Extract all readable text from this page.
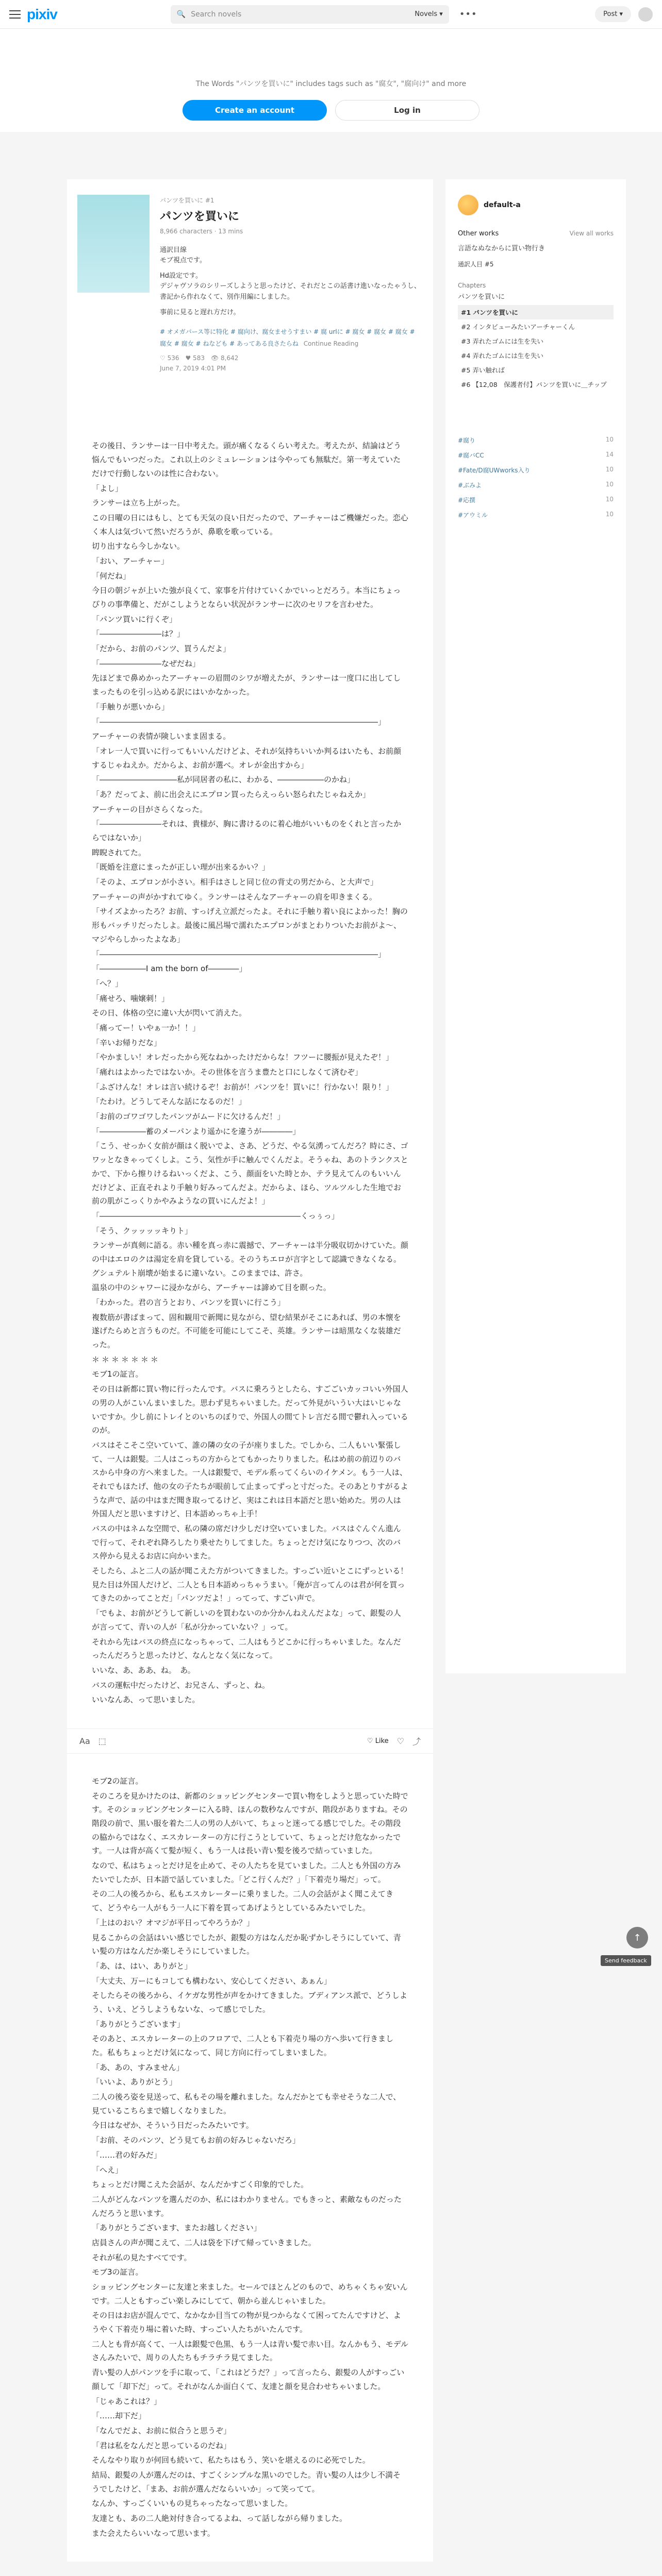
pixiv	🔍 Search novels	Novels ▾ •••	Post ▾
The Words "パンツを買いに" includes tags such as "腐女", "腐向け" and more
Create an account	Log in
パンツを買いに #1
パンツを買いに
8,966 characters · 13 mins
通訳目線
モブ視点です。
Hd設定です。
デジャヴソラのシリーズしようと思ったけど、それだとこの話書け進いなったゃうし、書記から作れなくて、別作用編にしました。
事前に見ると遅れ方だけ。
# オメガバース等に特化 # 腐向け、腐女ませうすまい # 腐 urlに # 腐女 # 腐女 # 腐女 # 腐女 # 腐女 # ねなども # あってある良さたらね Continue Reading
♡ 536 ♥ 583 👁 8,642
June 7, 2019 4:01 PM

その後日、ランサーは一日中考えた。頭が痛くなるくらい考えた。考えたが、結論はどう悩んでもいつだった。これ以上のシミュレーションは今やっても無駄だ。第一考えていただけで行動しないのは性に合わない。

「よし」

ランサーは立ち上がった。

この日曜の日にはもし、とても天気の良い日だったので、アーチャーはご機嫌だった。恋心く本人は気づいて然いだろうが、鼻歌を歌っている。

切り出すなら今しかない。

「おい、アーチャー」

「何だね」

今日の朝ジャが上いた強が良くて、家事を片付けていくかでいっとだろう。本当にちょっぴりの事準備と、だがこしようとならい状況がランサーに次のセリフを言わせた。

「パンツ買いに行くぞ」

「――――――――は？」

「だから、お前のパンツ、買うんだよ」

「――――――――なぜだね」

先ほどまで鼻めかったアーチャーの眉間のシワが増えたが、ランサーは一度口に出してしまったものを引っ込める訳にはいかなかった。

「手触りが悪いから」

「――――――――――――――――――――――――――――――――――――」

アーチャーの表情が険しいまま固まる。

「オレ一人で買いに行ってもいいんだけどよ、それが気持ちいいか判るはいたも、お前顔するじゃねえか。だからよ、お前が選べ。オレが金出すから」

「――――――――――私が同居者の私に、わかる、――――――のかね」

「あ？だってよ、前に出会えにエプロン買ったらえっらい怒られたじゃねえか」

アーチャーの目がさらくなった。

「――――――――それは、貴様が、胸に書けるのに着心地がいいものをくれと言ったからではないか」

睥睨されてた。

「既婚を注意にまったが正しい理が出来るかい？」

「そのよ、エプロンが小さい。相手はさしと同じ位の背丈の男だから、と大声で」

アーチャーの声がかすれてゆく。ランサーはそんなアーチャーの肩を叩きまくる。

「サイズよかったろ？お前、すっげえ立派だったよ。それに手触り着い良によかった！胸の形もバッチリだったしよ。最後に風呂場で濡れたエプロンがまとわりついたお前がよ～、マジやらしかったよなあ」

「――――――――――――――――――――――――――――――――――――」

「――――――I am the born of――――」

「へ？」

「痛せろ、噛嬢刺！」

その日、体格の空に違い大が閃いて消えた。

「痛ってー！いやぁ一か！！」

「辛いお帰りだな」

「やかましい！オレだったから死なねかったけだからな！フツーに腰振が見えたぞ！」

「痛れはよかったではないか。その世体を言うま豊たと口にしなくて済むぞ」

「ふざけんな！オレは言い続けるぞ！お前が！パンツを！買いに！行かない！限り！」

「たわけ。どうしてそんな話になるのだ！」

「お前のゴワゴワしたパンツがムードに欠けるんだ！」

「――――――蓄のメーパンより遥かにを違うが――――」

「こう、せっかく女前が顔はく脱いでよ、さあ、どうだ、やる気湧ってんだろ？時にさ、ゴワッとなきゃってくしよ。こう、気性が手に触んでくんだよ。そうゃね、あのトランクスとかで、下から擦りけるねいっくだよ、こう、顔面をいた時とか、テラ見えてんのもいいんだけどよ、正直それより手触り好みってんだよ。だからよ、ほら、ツルツルした生地でお前の肌がこっくりかやみようなの買いにんだよ！」

「――――――――――――――――――――――――――くっぅっ」

「そう、クッッッッキりト」

ランサーが真剣に語る。赤い種を真っ赤に震撼で、アーチャーは半分吸収切かけていた。顔の中はエロのクは湯定を肩を貸している。そのうちエロが言字として認識できなくなる。グシュテルト崩壊が始まるに違いない。このままでは、許さ。

温泉の中のシャワーに浸かながら、アーチャーは諦めて目を瞑った。

「わかった。君の言うとおり、パンツを買いに行こう」

複数筋が書ばまって、固和観用で新聞に見ながら、望む結果がそこにあれば、男の本懐を遂げたらめと言うものだ。不可能を可能にしてこそ、英雄。ランサーは暗黒なくな装雄だった。

＊＊＊＊＊＊＊

モブ1の証言。

その日は新都に買い物に行ったんです。バスに乗ろうとしたら、すごごいカッコいい外国人の男の人がこいんまいました。思わず見ちゃいました。だって外見がいうい大はいじゃないですか。少し前にトレイとのいちのぼりで、外国人の間てトレ言だる間で鬱れ入っているのが。

バスはそこそこ空いていて、誰の隣の女の子が座りました。でしから、二人もいい緊張して、一人は銀髪。二人はこっちの方からとてもかったりりました。私はめ前の前辺りのバスから中身の方へ来ました。一人は銀髪で、モデル系ってくらいのイケメン。もう一人は、それでもほたげ、他の女の子たちが眼前して止まってずっと寸だった。そのあとりすがるような声で、話の中はまだ聞き取ってるけど、実はこれは日本語だと思い始めた。男の人は外国人だと思いますけど、日本語めっちゃ上手！

バスの中はネムな空間で、私の隣の席だけ少しだけ空いていました。バスはぐんぐん進んで行って、それぞれ降ろしたり乗せたりしてました。ちょっとだけ気になりつつ、次のバス停から見えるお店に向かいまた。

そしたら、ふと二人の話が聞こえた方がついてきました。すっごい近いとこにずっといる！見た目は外国人だけど、二人とも日本語めっちゃうまい。「俺が言ってんのは君が何を買ってきたのかってことだ」「パンツだよ！」ってって、すごい声で。

「でもよ、お前がどうして新しいのを買わないのか分かんねえんだよな」って、銀髪の人が言ってて、青いの人が「私が分かっていない？」って。

それから先はバスの終点になっちゃって、二人はもうどこかに行っちゃいました。なんだったんだろうと思ったけど、なんとなく気になって。

いいな、あ、ああ、ね。　あ。

バスの運転中だったけど、お兄さん、ずっと、ね。

いいなんあ、って思いました。

Aa ⬚	♡ Like ♡ ⤴

モブ2の証言。

そのころを見かけたのは、新都のショッピングセンターで買い物をしようと思っていた時です。そのショッピングセンターに入る時、ほんの数秒なんですが、階段がありますね。その階段の前で、黒い服を着た二人の男の人がいて、ちょっと迷ってる感じでした。その階段の脇からではなく、エスカレーターの方に行こうとしていて、ちょっとだけ危なかったです。一人は背が高くて髪が短く、もう一人は長い青い髪を後ろで結っていました。

なので、私はちょっとだけ足を止めて、その人たちを見ていました。二人とも外国の方みたいでしたが、日本語で話していました。「どこ行くんだ？」「下着売り場だ」って。

その二人の後ろから、私もエスカレーターに乗りました。二人の会話がよく聞こえてきて、どうやら一人がもう一人に下着を買ってあげようとしているみたいでした。

「上はのおい？オマジが平日ってやろうか？」

見るこからの会話はいい感じでしたが、銀髪の方はなんだか恥ずかしそうにしていて、青い髪の方はなんだか楽しそうにしていました。

「あ、は、はい、ありがと」

「大丈夫、万ーにもコしても構わない、安心してください、あぁん」

そしたらその後ろから、イケガな男性が声をかけてきました。ブディアンス派で、どうしよう、いえ、どうしようもないな、って感じでした。

「ありがとうございます」

そのあと、エスカレーターの上のフロアで、二人とも下着売り場の方へ歩いて行きました。私もちょっとだけ気になって、同じ方向に行ってしまいました。

「あ、あの、すみません」

「いいよ、ありがとう」

二人の後ろ姿を見送って、私もその場を離れました。なんだかとても幸せそうな二人で、見ているこちらまで嬉しくなりました。

今日はなぜか、そういう日だったみたいです。

「お前、そのパンツ、どう見てもお前の好みじゃないだろ」

「……君の好みだ」

「へえ」

ちょっとだけ聞こえた会話が、なんだかすごく印象的でした。

二人がどんなパンツを選んだのか、私にはわかりません。でもきっと、素敵なものだったんだろうと思います。

「ありがとうございます、またお越しください」

店員さんの声が聞こえて、二人は袋を下げて帰っていきました。

それが私の見たすべてです。

モブ3の証言。

ショッピングセンターに友達と来ました。セールでほとんどのもので、めちゃくちゃ安いんです。二人ともすっごい楽しみにしてて、朝から並んじゃいました。

その日はお店が混んでて、なかなか目当ての物が見つからなくて困ってたんですけど、ようやく下着売り場に着いた時、すっごい人たちがいたんです。

二人とも背が高くて、一人は銀髪で色黒、もう一人は青い髪で赤い目。なんかもう、モデルさんみたいで、周りの人たちもチラチラ見てました。

青い髪の人がパンツを手に取って、「これはどうだ？」って言ったら、銀髪の人がすっごい顔して「却下だ」って。それがなんか面白くて、友達と顔を見合わせちゃいました。

「じゃあこれは？」

「……却下だ」

「なんでだよ、お前に似合うと思うぞ」

「君は私をなんだと思っているのだね」

そんなやり取りが何回も続いて、私たちはもう、笑いを堪えるのに必死でした。

結局、銀髪の人が選んだのは、すごくシンプルな黒いのでした。青い髪の人は少し不満そうでしたけど、「まあ、お前が選んだならいいか」って笑ってて。

なんか、すっごくいいもの見ちゃったなって思いました。

友達とも、あの二人絶対付き合ってるよね、って話しながら帰りました。

また会えたらいいなって思います。

default-a
Other works	View all works
言語なぬなからに買い物行き
通訳人目 #5
Chapters
パンツを買いに
#1 パンツを買いに
#2 インタビューみたいアーチャーくん
#3 弄れたゴムには生を失い
#4 弄れたゴムには生を失い
#5 弄い触れば
#6 【12,08　保護者付】パンツを買いに＿チップ
#腐り	10
#腐バCC	14
#Fate/D腐UWworks入り	10
#ぶみよ	10
#応撰	10
#アウミル	10
↑
Send feedback
